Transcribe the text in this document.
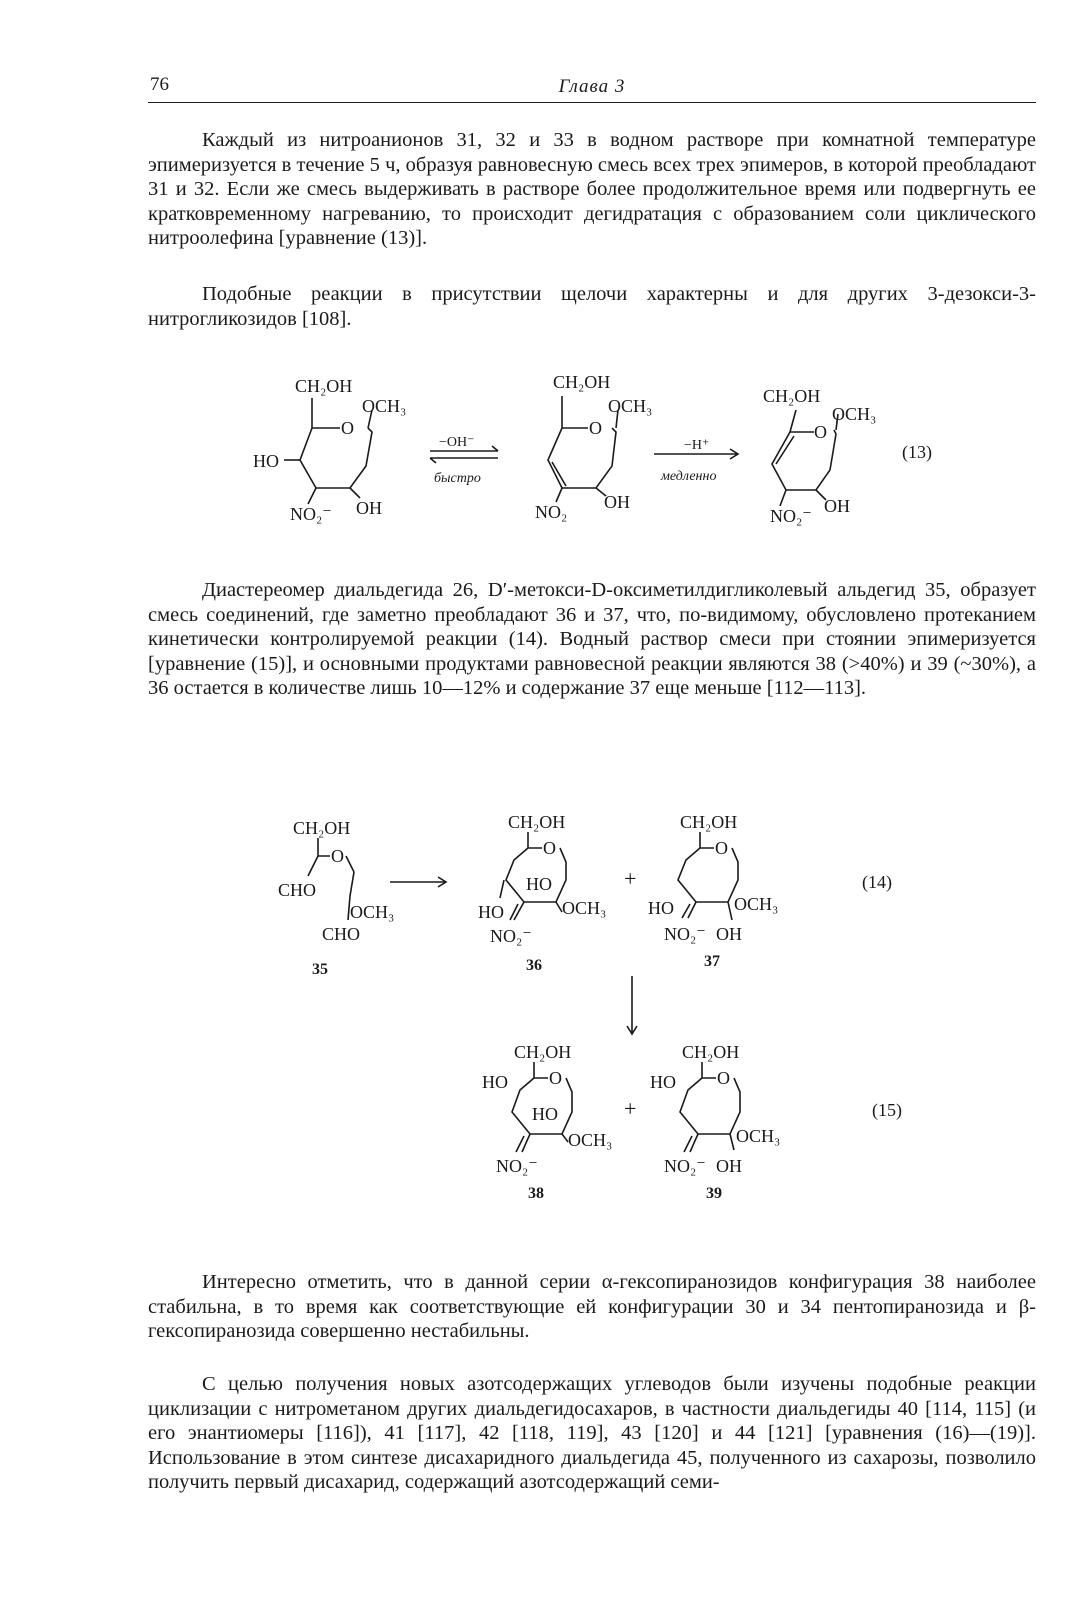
76	Глава 3

Каждый из нитроанионов 31, 32 и 33 в водном растворе при комнатной температуре эпимеризуется в течение 5 ч, образуя равновесную смесь всех трех эпимеров, в которой преобладают 31 и 32. Если же смесь выдерживать в растворе более продолжительное время или подвергнуть ее кратковременному нагреванию, то происходит дегидратация с образованием соли циклического нитроолефина [уравнение (13)].

Подобные реакции в присутствии щелочи характерны и для других 3-дезокси-3-нитрогликозидов [108].

CH₂OH
OCH₃
O
HO
NO₂⁻ OH
−OH⁻
быстро
CH₂OH
OCH₃
O
NO₂ OH
−H⁺
медленно
CH₂OH
OCH₃
O
NO₂⁻ OH
(13)

Диастереомер диальдегида 26, D′-метокси-D-оксиметилдигликолевый альдегид 35, образует смесь соединений, где заметно преобладают 36 и 37, что, по-видимому, обусловлено протеканием кинетически контролируемой реакции (14). Водный раствор смеси при стоянии эпимеризуется [уравнение (15)], и основными продуктами равновесной реакции являются 38 (>40%) и 39 (~30%), а 36 остается в количестве лишь 10—12% и содержание 37 еще меньше [112—113].

CH₂OH
O
CHO
OCH₃
CHO
35
CH₂OH
O
HO
HO	OCH₃
NO₂⁻
36
+
CH₂OH
O
HO	OCH₃
NO₂⁻ OH
37
(14)
CH₂OH
HO O
HO
OCH₃
NO₂⁻
38
+
CH₂OH
HO O
OCH₃
NO₂⁻ OH
39
(15)

Интересно отметить, что в данной серии α-гексопиранозидов конфигурация 38 наиболее стабильна, в то время как соответствующие ей конфигурации 30 и 34 пентопиранозида и β-гексопиранозида совершенно нестабильны.

С целью получения новых азотсодержащих углеводов были изучены подобные реакции циклизации с нитрометаном других диальдегидосахаров, в частности диальдегиды 40 [114, 115] (и его энантиомеры [116]), 41 [117], 42 [118, 119], 43 [120] и 44 [121] [уравнения (16)—(19)]. Использование в этом синтезе дисахаридного диальдегида 45, полученного из сахарозы, позволило получить первый дисахарид, содержащий азотсодержащий семи-
